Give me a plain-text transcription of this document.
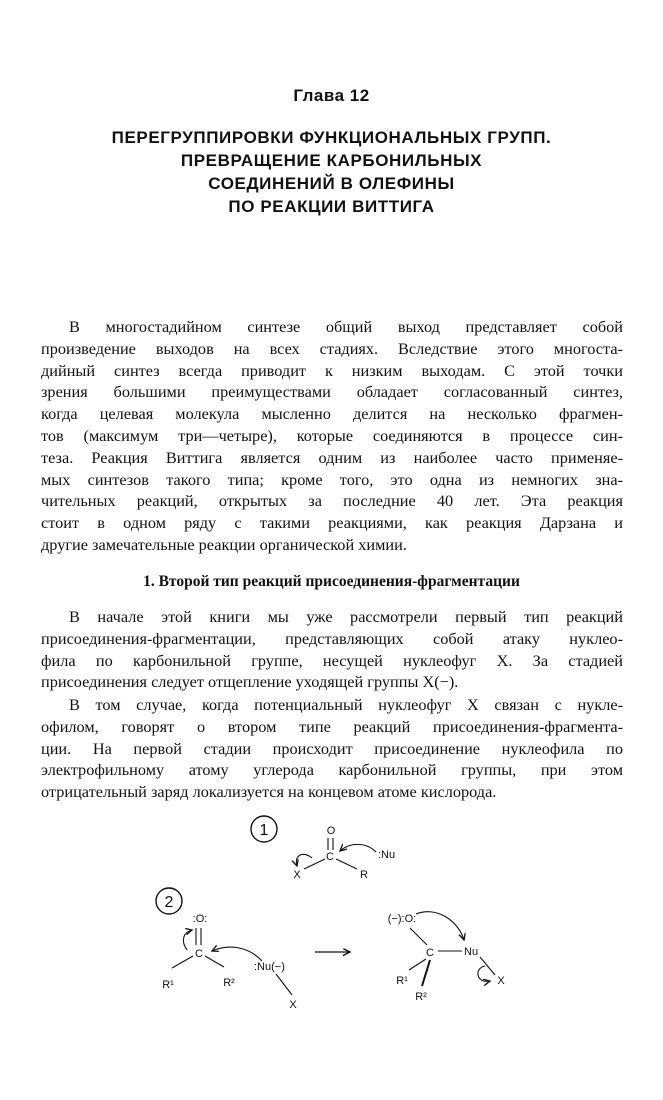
Глава 12
ПЕРЕГРУППИРОВКИ ФУНКЦИОНАЛЬНЫХ ГРУПП.
ПРЕВРАЩЕНИЕ КАРБОНИЛЬНЫХ
СОЕДИНЕНИЙ В ОЛЕФИНЫ
ПО РЕАКЦИИ ВИТТИГА
В многостадийном синтезе общий выход представляет собой
произведение выходов на всех стадиях. Вследствие этого многоста-
дийный синтез всегда приводит к низким выходам. С этой точки
зрения большими преимуществами обладает согласованный синтез,
когда целевая молекула мысленно делится на несколько фрагмен-
тов (максимум три—четыре), которые соединяются в процессе син-
теза. Реакция Виттига является одним из наиболее часто применяе-
мых синтезов такого типа; кроме того, это одна из немногих зна-
чительных реакций, открытых за последние 40 лет. Эта реакция
стоит в одном ряду с такими реакциями, как реакция Дарзана и
другие замечательные реакции органической химии.
1. Второй тип реакций присоединения-фрагментации
В начале этой книги мы уже рассмотрели первый тип реакций
присоединения-фрагментации, представляющих собой атаку нуклео-
фила по карбонильной группе, несущей нуклеофуг X. За стадией
присоединения следует отщепление уходящей группы X(−).
В том случае, когда потенциальный нуклеофуг X связан с нукле-
офилом, говорят о втором типе реакций присоединения-фрагмента-
ции. На первой стадии происходит присоединение нуклеофила по
электрофильному атому углерода карбонильной группы, при этом
отрицательный заряд локализуется на концевом атоме кислорода.
1	O
C
X	R
:Nu
2
:O:
C
R¹	R²
:Nu(−)
X
(−):O:
C	Nu
R¹
R²
X
